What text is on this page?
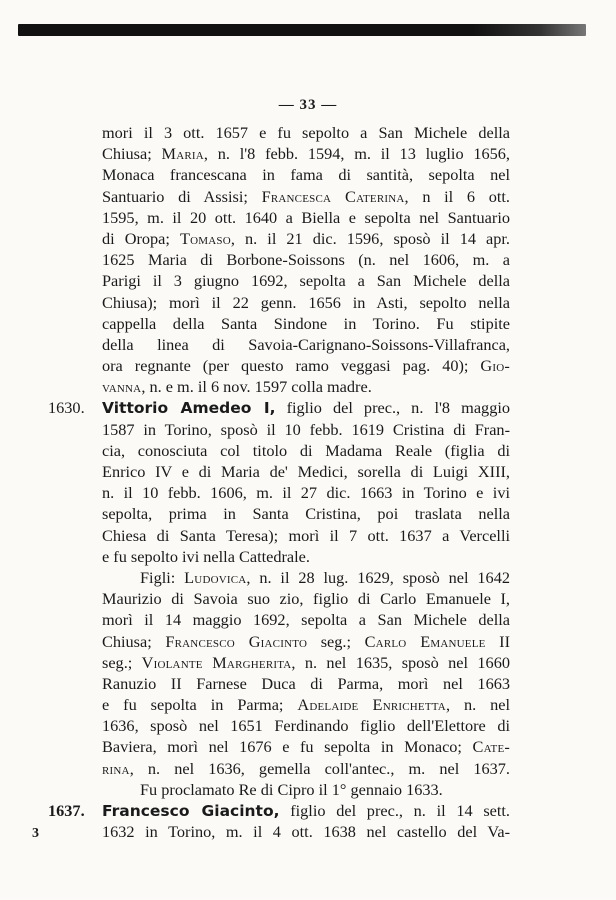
— 33 —
mori il 3 ott. 1657 e fu sepolto a San Michele della
Chiusa; Maria, n. l'8 febb. 1594, m. il 13 luglio 1656,
Monaca francescana in fama di santità, sepolta nel
Santuario di Assisi; Francesca Caterina, n il 6 ott.
1595, m. il 20 ott. 1640 a Biella e sepolta nel Santuario
di Oropa; Tomaso, n. il 21 dic. 1596, sposò il 14 apr.
1625 Maria di Borbone-Soissons (n. nel 1606, m. a
Parigi il 3 giugno 1692, sepolta a San Michele della
Chiusa); morì il 22 genn. 1656 in Asti, sepolto nella
cappella della Santa Sindone in Torino. Fu stipite
della linea di Savoia-Carignano-Soissons-Villafranca,
ora regnante (per questo ramo veggasi pag. 40); Gio-
vanna, n. e m. il 6 nov. 1597 colla madre.
1630. Vittorio Amedeo I, figlio del prec., n. l'8 maggio
1587 in Torino, sposò il 10 febb. 1619 Cristina di Fran-
cia, conosciuta col titolo di Madama Reale (figlia di
Enrico IV e di Maria de' Medici, sorella di Luigi XIII,
n. il 10 febb. 1606, m. il 27 dic. 1663 in Torino e ivi
sepolta, prima in Santa Cristina, poi traslata nella
Chiesa di Santa Teresa); morì il 7 ott. 1637 a Vercelli
e fu sepolto ivi nella Cattedrale.
Figli: Ludovica, n. il 28 lug. 1629, sposò nel 1642
Maurizio di Savoia suo zio, figlio di Carlo Emanuele I,
morì il 14 maggio 1692, sepolta a San Michele della
Chiusa; Francesco Giacinto seg.; Carlo Emanuele II
seg.; Violante Margherita, n. nel 1635, sposò nel 1660
Ranuzio II Farnese Duca di Parma, morì nel 1663
e fu sepolta in Parma; Adelaide Enrichetta, n. nel
1636, sposò nel 1651 Ferdinando figlio dell'Elettore di
Baviera, morì nel 1676 e fu sepolta in Monaco; Cate-
rina, n. nel 1636, gemella coll'antec., m. nel 1637.
Fu proclamato Re di Cipro il 1° gennaio 1633.
1637. Francesco Giacinto, figlio del prec., n. il 14 sett.
1632 in Torino, m. il 4 ott. 1638 nel castello del Va-
3
